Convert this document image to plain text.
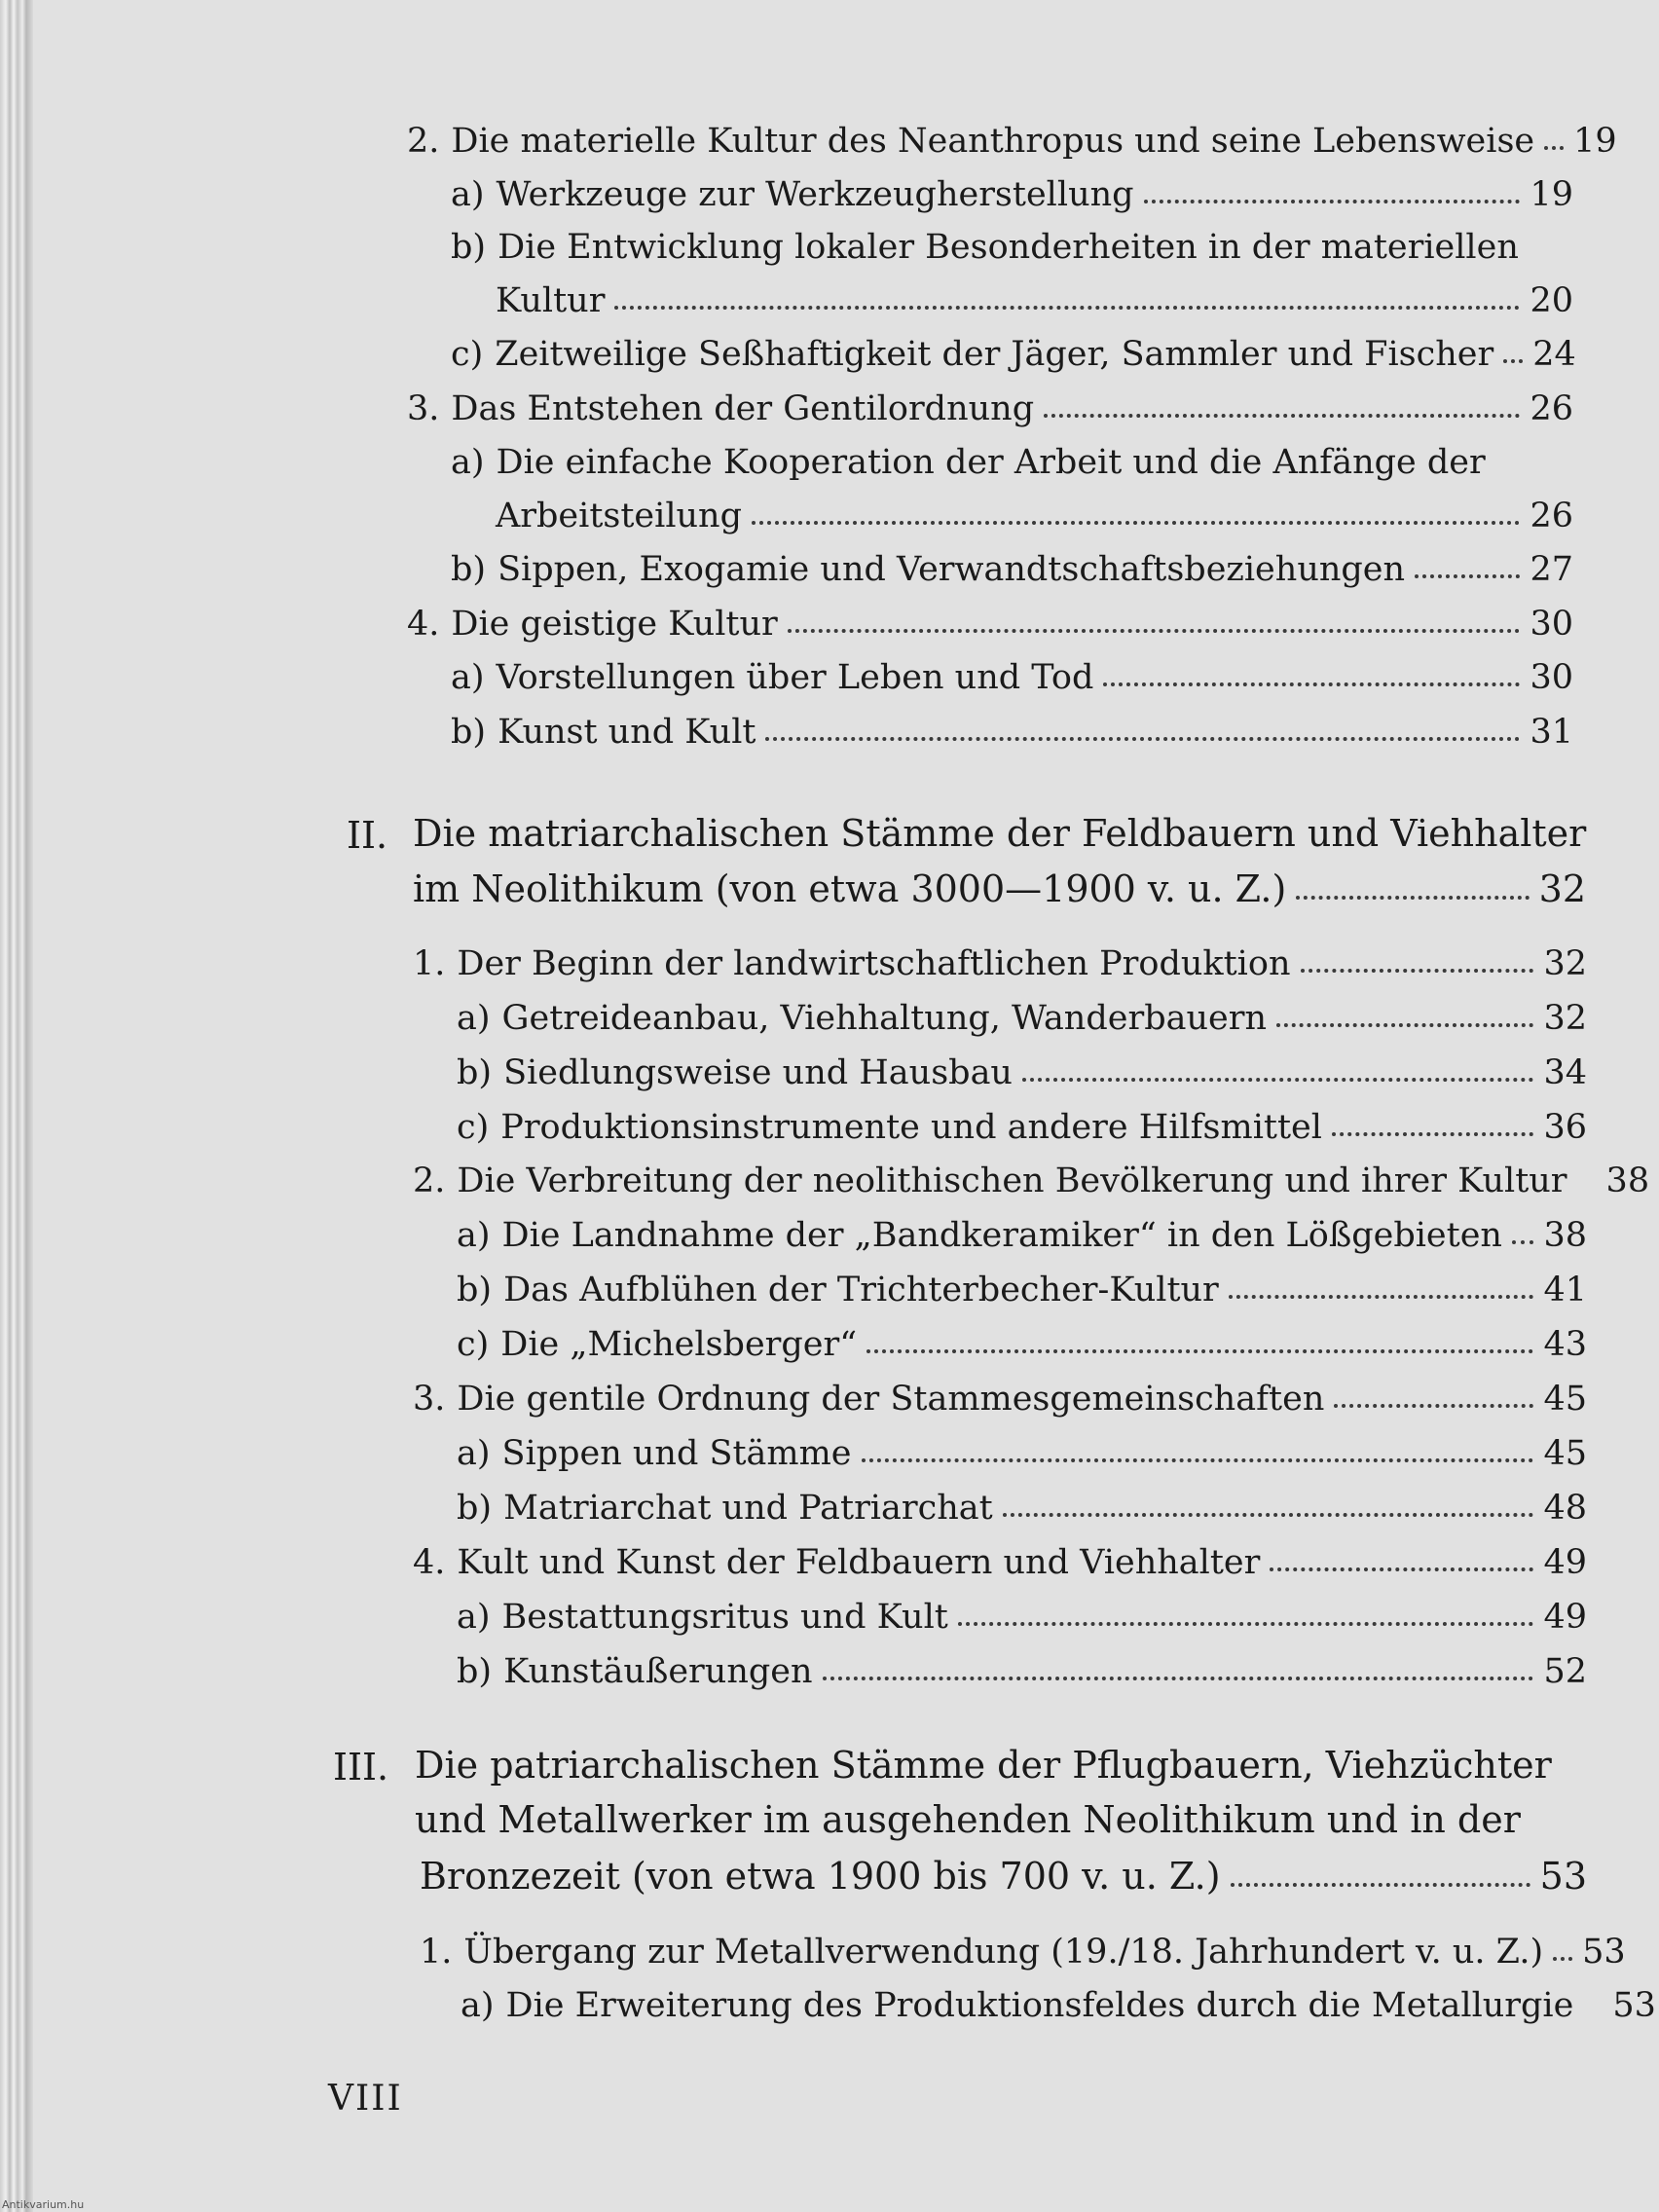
2. Die materielle Kultur des Neanthropus und seine Lebensweise 19
a) Werkzeuge zur Werkzeugherstellung	19
b) Die Entwicklung lokaler Besonderheiten in der materiellen
Kultur	20
c) Zeitweilige Seßhaftigkeit der Jäger, Sammler und Fischer 24
3. Das Entstehen der Gentilordnung	26
a) Die einfache Kooperation der Arbeit und die Anfänge der
Arbeitsteilung	26
b) Sippen, Exogamie und Verwandtschaftsbeziehungen	27
4. Die geistige Kultur	30
a) Vorstellungen über Leben und Tod	30
b) Kunst und Kult	31
II. Die matriarchalischen Stämme der Feldbauern und Viehhalter
im Neolithikum (von etwa 3000—1900 v. u. Z.)	32
1. Der Beginn der landwirtschaftlichen Produktion	32
a) Getreideanbau, Viehhaltung, Wanderbauern	32
b) Siedlungsweise und Hausbau	34
c) Produktionsinstrumente und andere Hilfsmittel	36
2. Die Verbreitung der neolithischen Bevölkerung und ihrer Kultur 38
a) Die Landnahme der „Bandkeramiker“ in den Lößgebieten 38
b) Das Aufblühen der Trichterbecher-Kultur	41
c) Die „Michelsberger“	43
3. Die gentile Ordnung der Stammesgemeinschaften	45
a) Sippen und Stämme	45
b) Matriarchat und Patriarchat	48
4. Kult und Kunst der Feldbauern und Viehhalter	49
a) Bestattungsritus und Kult	49
b) Kunstäußerungen	52
III. Die patriarchalischen Stämme der Pflugbauern, Viehzüchter
und Metallwerker im ausgehenden Neolithikum und in der
Bronzezeit (von etwa 1900 bis 700 v. u. Z.)	53
1. Übergang zur Metallverwendung (19./18. Jahrhundert v. u. Z.) 53
a) Die Erweiterung des Produktionsfeldes durch die Metallurgie 53
VIII
Antikvarium.hu
